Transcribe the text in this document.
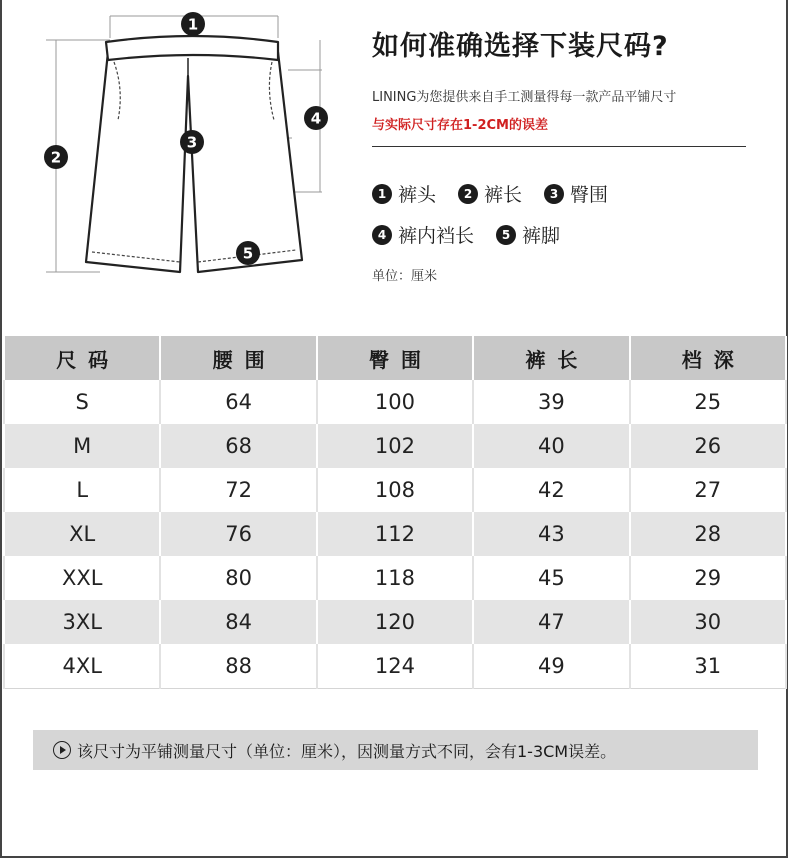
1
2
3
4
5
如何准确选择下装尺码?
LINING为您提供来自手工测量得每一款产品平铺尺寸
与实际尺寸存在1-2CM的误差
1 裤头	2 裤长	3 臀围
4 裤内裆长	5 裤脚
单位：厘米
尺码	腰围	臀围	裤长	档深
S	64	100	39	25
M	68	102	40	26
L	72	108	42	27
XL	76	112	43	28
XXL	80	118	45	29
3XL	84	120	47	30
4XL	88	124	49	31
该尺寸为平铺测量尺寸（单位：厘米），因测量方式不同，会有1-3CM误差。
